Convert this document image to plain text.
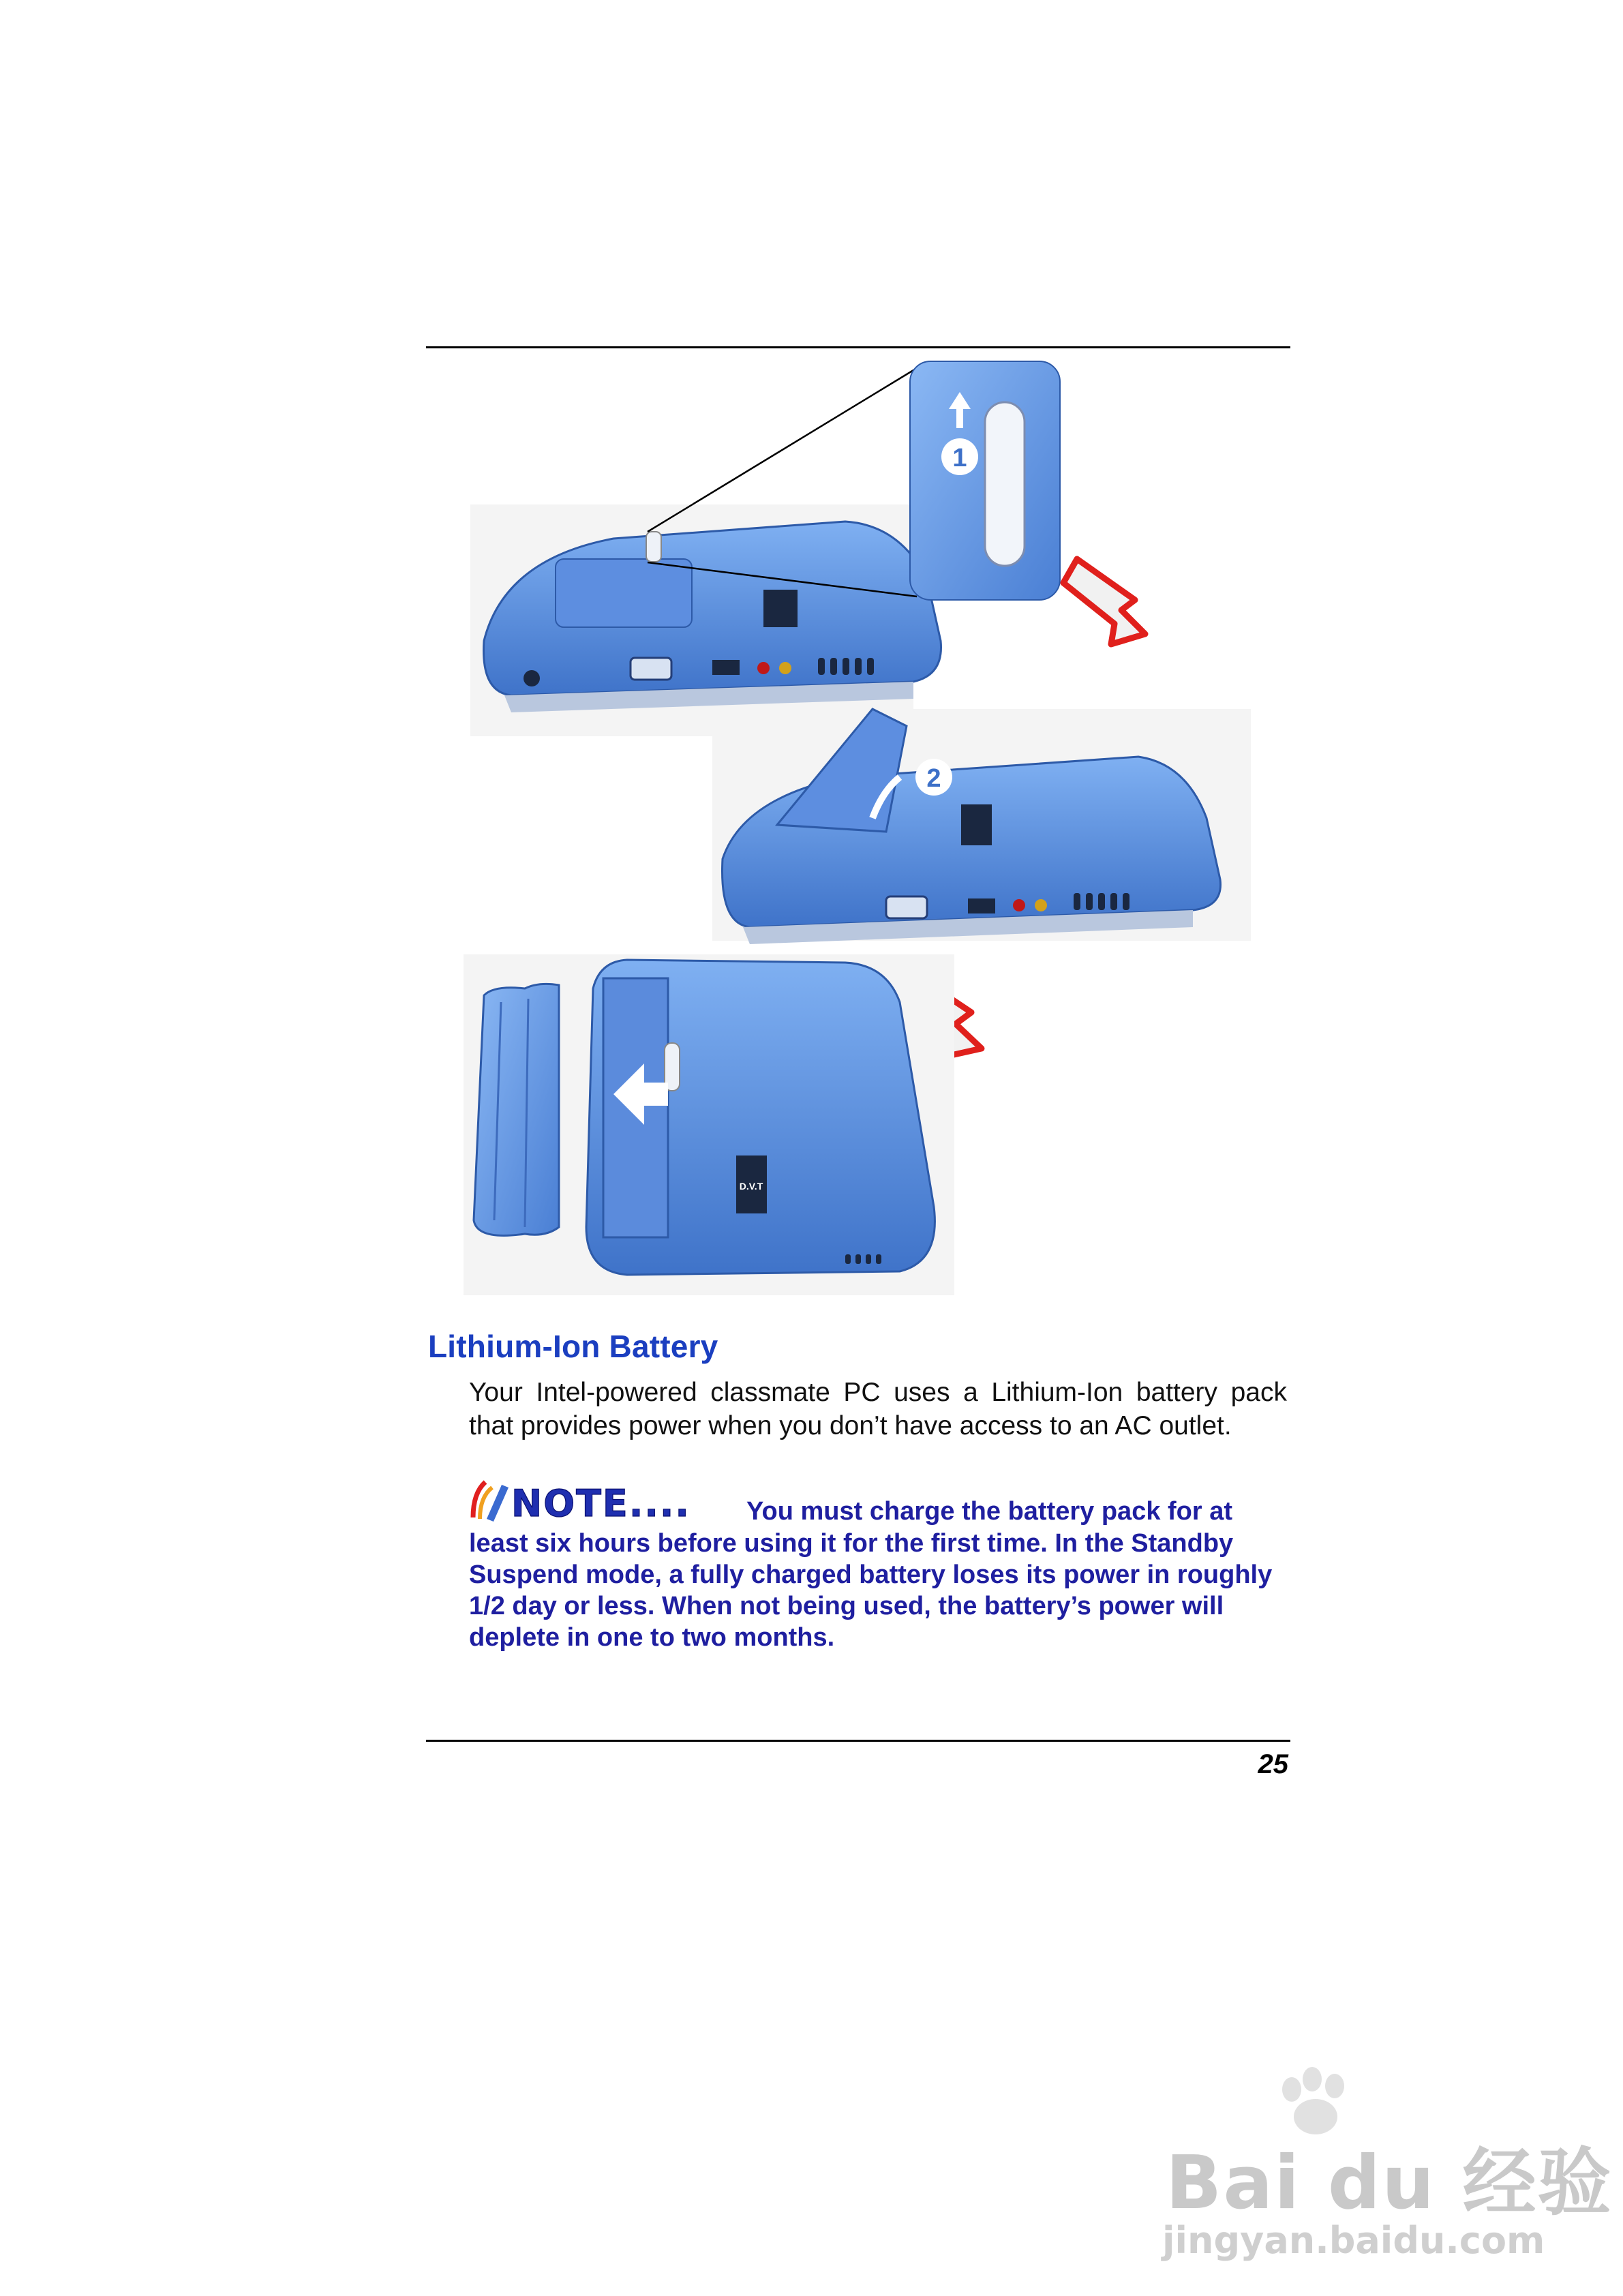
1
2
D.V.T
Lithium-Ion Battery
Your Intel-powered classmate PC uses a Lithium-Ion battery pack that provides power when you don’t have access to an AC outlet.
NOTE.... You must charge the battery pack for at
least six hours before using it for the first time. In the Standby Suspend mode, a fully charged battery loses its power in roughly 1/2 day or less. When not being used, the battery’s power will deplete in one to two months.
25
Bai du 经验
jingyan.baidu.com
